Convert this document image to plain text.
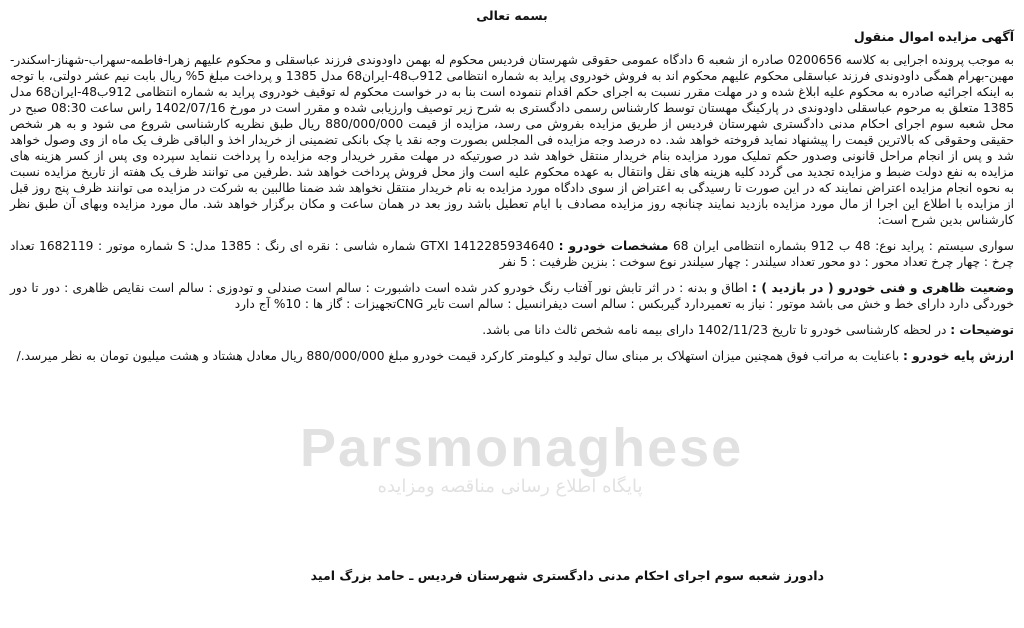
Parsmonaghese
پایگاه اطلاع رسانی مناقصه ومزایده
بسمه تعالی
آگهی مزایده اموال منقول

به موجب پرونده اجرایی به کلاسه 0200656 صادره از شعبه 6 دادگاه عمومی حقوقی شهرستان فردیس محکوم له بهمن داودوندی فرزند عباسقلی و محکوم علیهم زهرا-فاطمه-سهراب-شهناز-اسکندر-مهین-بهرام همگی داودوندی فرزند عباسقلی محکوم علیهم محکوم اند به فروش خودروی پراید به شماره انتظامی 912ب48-ایران68 مدل 1385 و پرداخت مبلغ 5% ریال بابت نیم عشر دولتی، با توجه به اینکه اجرائیه صادره به محکوم علیه ابلاغ شده و در مهلت مقرر نسبت به اجرای حکم اقدام ننموده است بنا به در خواست محکوم له توقیف خودروی پراید به شماره انتظامی 912ب48-ایران68 مدل 1385 متعلق به مرحوم عباسقلی داودوندی در پارکینگ مهستان توسط کارشناس رسمی دادگستری به شرح زیر توصیف وارزیابی شده و مقرر است در مورخ 1402/07/16 راس ساعت 08:30 صبح در محل شعبه سوم اجرای احکام مدنی دادگستری شهرستان فردیس از طریق مزایده بفروش می رسد، مزایده از قیمت 880/000/000 ریال طبق نظریه کارشناسی شروع می شود و به هر شخص حقیقی وحقوقی که بالاترین قیمت را پیشنهاد نماید فروخته خواهد شد. ده درصد وجه مزایده فی المجلس بصورت وجه نقد یا چک بانکی تضمینی از خریدار اخذ و الباقی ظرف یک ماه از وی وصول خواهد شد و پس از انجام مراحل قانونی وصدور حکم تملیک مورد مزایده بنام خریدار منتقل خواهد شد در صورتیکه در مهلت مقرر خریدار وجه مزایده را پرداخت ننماید سپرده وی پس از کسر هزینه های مزایده به نفع دولت ضبط و مزایده تجدید می گردد کلیه هزینه های نقل وانتقال به عهده محکوم علیه است واز محل فروش پرداخت خواهد شد .طرفین می توانند ظرف یک هفته از تاریخ مزایده نسبت به نحوه انجام مزایده اعتراض نمایند که در این صورت تا رسیدگی به اعتراض از سوی دادگاه مورد مزایده به نام خریدار منتقل نخواهد شد ضمنا طالبین به شرکت در مزایده می توانند ظرف پنج روز قبل از مزایده با اطلاع این اجرا از مال مورد مزایده بازدید نمایند چنانچه روز مزایده مصادف با ایام تعطیل باشد روز بعد در همان ساعت و مکان برگزار خواهد شد. مال مورد مزایده وبهای آن طبق نظر کارشناس بدین شرح است:

سواری سیستم : پراید نوع: 48 ب 912 بشماره انتظامی ایران 68 مشخصات خودرو : GTXI 1412285934640 شماره شاسی : نقره ای رنگ : 1385 مدل: S شماره موتور : 1682119 تعداد چرخ : چهار چرخ تعداد محور : دو محور تعداد سیلندر : چهار سیلندر نوع سوخت : بنزین ظرفیت : 5 نفر

وضعیت ظاهری و فنی خودرو ( در بازدید ) : اطاق و بدنه : در اثر تابش نور آفتاب رنگ خودرو کدر شده است داشبورت : سالم است صندلی و تودوزی : سالم است نقایص ظاهری : دور تا دور خوردگی دارد دارای خط و خش می باشد موتور : نیاز به تعمیردارد گیربکس : سالم است دیفرانسیل : سالم است تایر CNGتجهیزات : گاز ها : 10% آج دارد

توضیحات : در لحظه کارشناسی خودرو تا تاریخ 1402/11/23 دارای بیمه نامه شخص ثالث دانا می باشد.

ارزش پایه خودرو : باعنایت به مراتب فوق همچنین میزان استهلاک بر مبنای سال تولید و کیلومتر کارکرد قیمت خودرو مبلغ 880/000/000 ریال معادل هشتاد و هشت میلیون تومان به نظر میرسد./

دادورز شعبه سوم اجرای احکام مدنی دادگستری شهرستان فردیس ـ حامد بزرگ امید
